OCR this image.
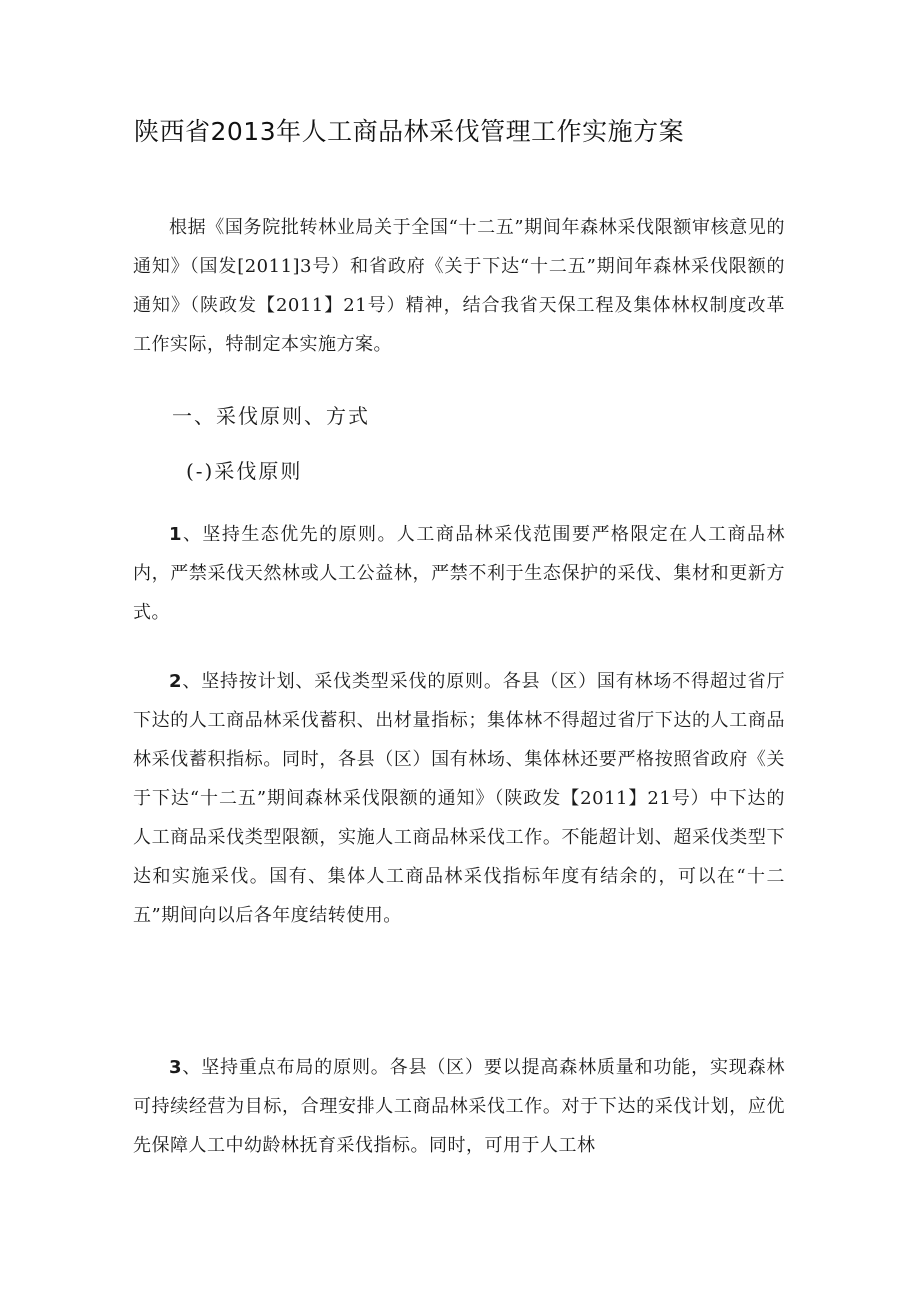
陕西省2013年人工商品林采伐管理工作实施方案

根据《国务院批转林业局关于全国“十二五”期间年森林采伐限额审核意见的通知》（国发[2011]3号）和省政府《关于下达“十二五”期间年森林采伐限额的通知》（陕政发【2011】21号）精神，结合我省天保工程及集体林权制度改革工作实际，特制定本实施方案。

一、采伐原则、方式

(-)采伐原则

1、坚持生态优先的原则。人工商品林采伐范围要严格限定在人工商品林内，严禁采伐天然林或人工公益林，严禁不利于生态保护的采伐、集材和更新方式。

2、坚持按计划、采伐类型采伐的原则。各县（区）国有林场不得超过省厅下达的人工商品林采伐蓄积、出材量指标；集体林不得超过省厅下达的人工商品林采伐蓄积指标。同时，各县（区）国有林场、集体林还要严格按照省政府《关于下达“十二五”期间森林采伐限额的通知》（陕政发【2011】21号）中下达的人工商品采伐类型限额，实施人工商品林采伐工作。不能超计划、超采伐类型下达和实施采伐。国有、集体人工商品林采伐指标年度有结余的，可以在“十二五”期间向以后各年度结转使用。

3、坚持重点布局的原则。各县（区）要以提高森林质量和功能，实现森林可持续经营为目标，合理安排人工商品林采伐工作。对于下达的采伐计划，应优先保障人工中幼龄林抚育采伐指标。同时，可用于人工林
